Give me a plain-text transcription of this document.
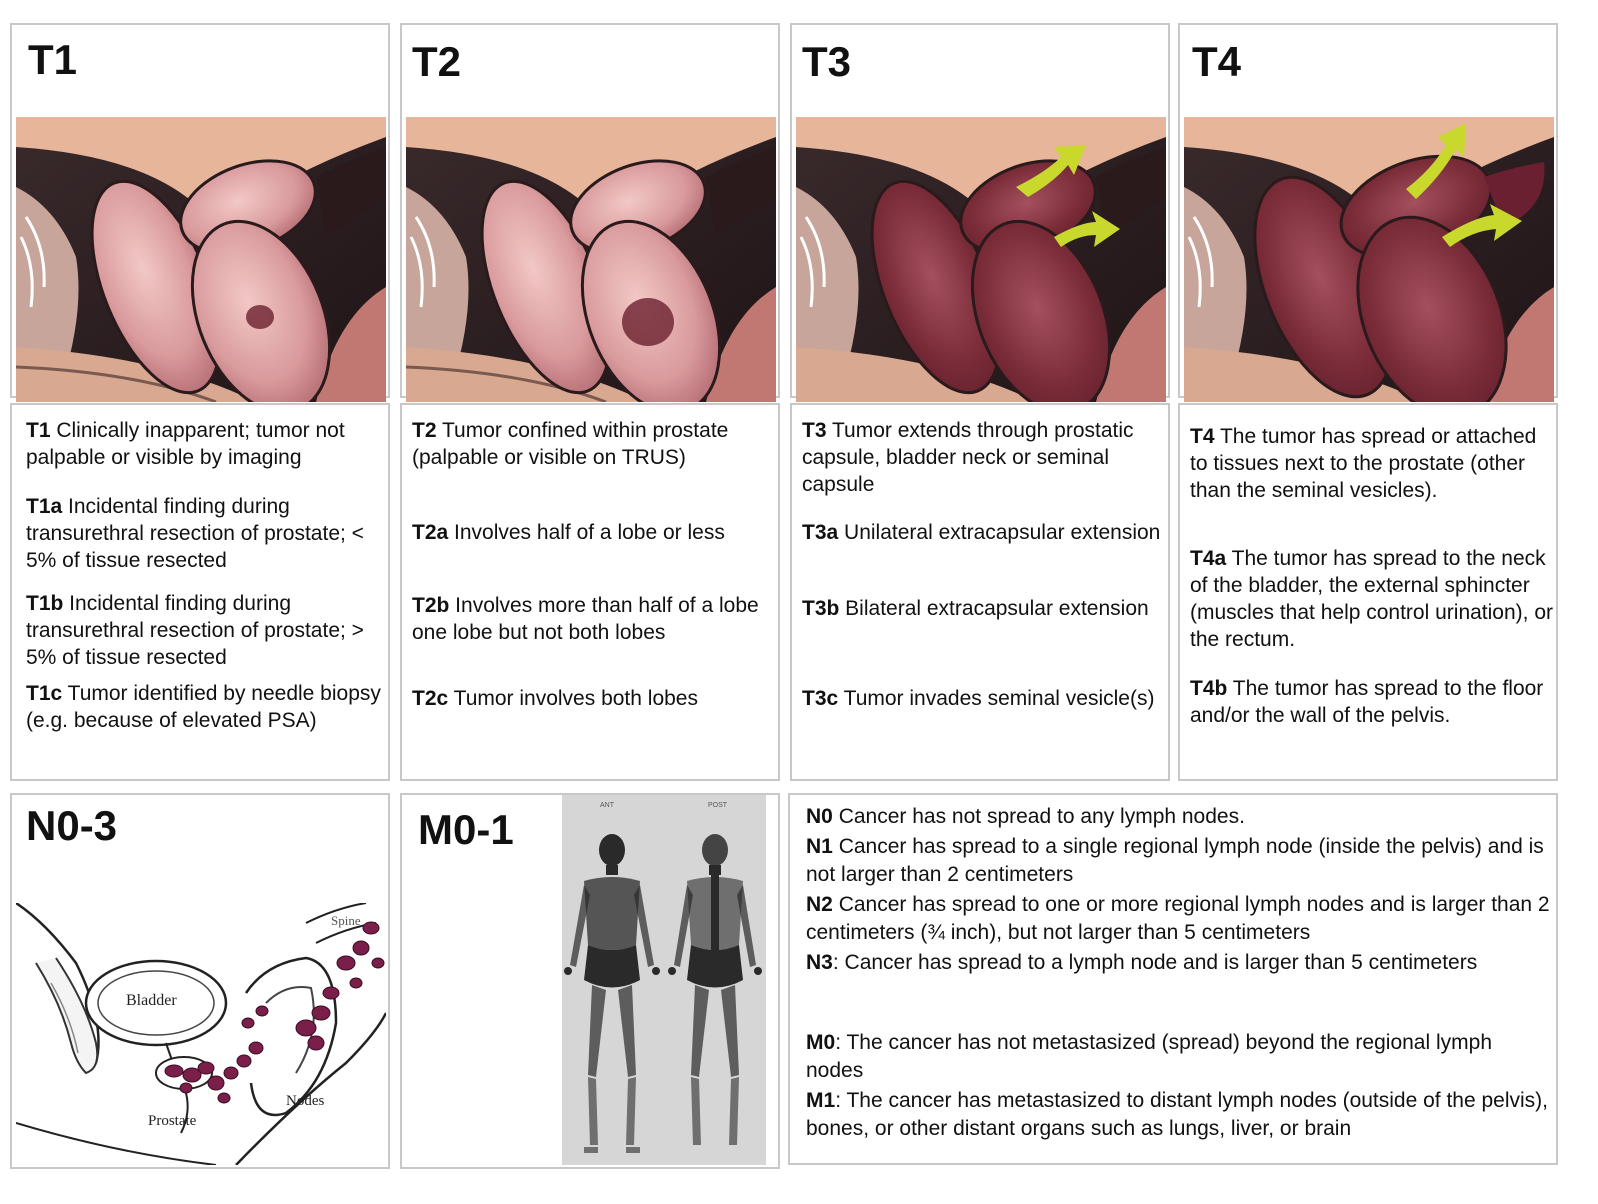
T1
T1 Clinically inapparent; tumor not palpable or visible by imaging
T1a Incidental finding during transurethral resection of prostate; < 5% of tissue resected
T1b Incidental finding during transurethral resection of prostate; > 5% of tissue resected
T1c Tumor identified by needle biopsy (e.g. because of elevated PSA)
T2
T2 Tumor confined within prostate (palpable or visible on TRUS)
T2a Involves half of a lobe or less
T2b Involves more than half of a lobe one lobe but not both lobes
T2c Tumor involves both lobes
T3
T3 Tumor extends through prostatic capsule, bladder neck or seminal capsule
T3a Unilateral extracapsular extension
T3b Bilateral extracapsular extension
T3c Tumor invades seminal vesicle(s)
T4
T4 The tumor has spread or attached to tissues next to the prostate (other than the seminal vesicles).
T4a The tumor has spread to the neck of the bladder, the external sphincter (muscles that help control urination), or the rectum.
T4b The tumor has spread to the floor and/or the wall of the pelvis.
N0-3
Bladder
Prostate
Nodes
Spine
M0-1
ANT	POST	N0 Cancer has not spread to any lymph nodes.
N1 Cancer has spread to a single regional lymph node (inside the pelvis) and is not larger than 2 centimeters
N2 Cancer has spread to one or more regional lymph nodes and is larger than 2 centimeters (¾ inch), but not larger than 5 centimeters
N3: Cancer has spread to a lymph node and is larger than 5 centimeters
M0: The cancer has not metastasized (spread) beyond the regional lymph nodes
M1: The cancer has metastasized to distant lymph nodes (outside of the pelvis), bones, or other distant organs such as lungs, liver, or brain
